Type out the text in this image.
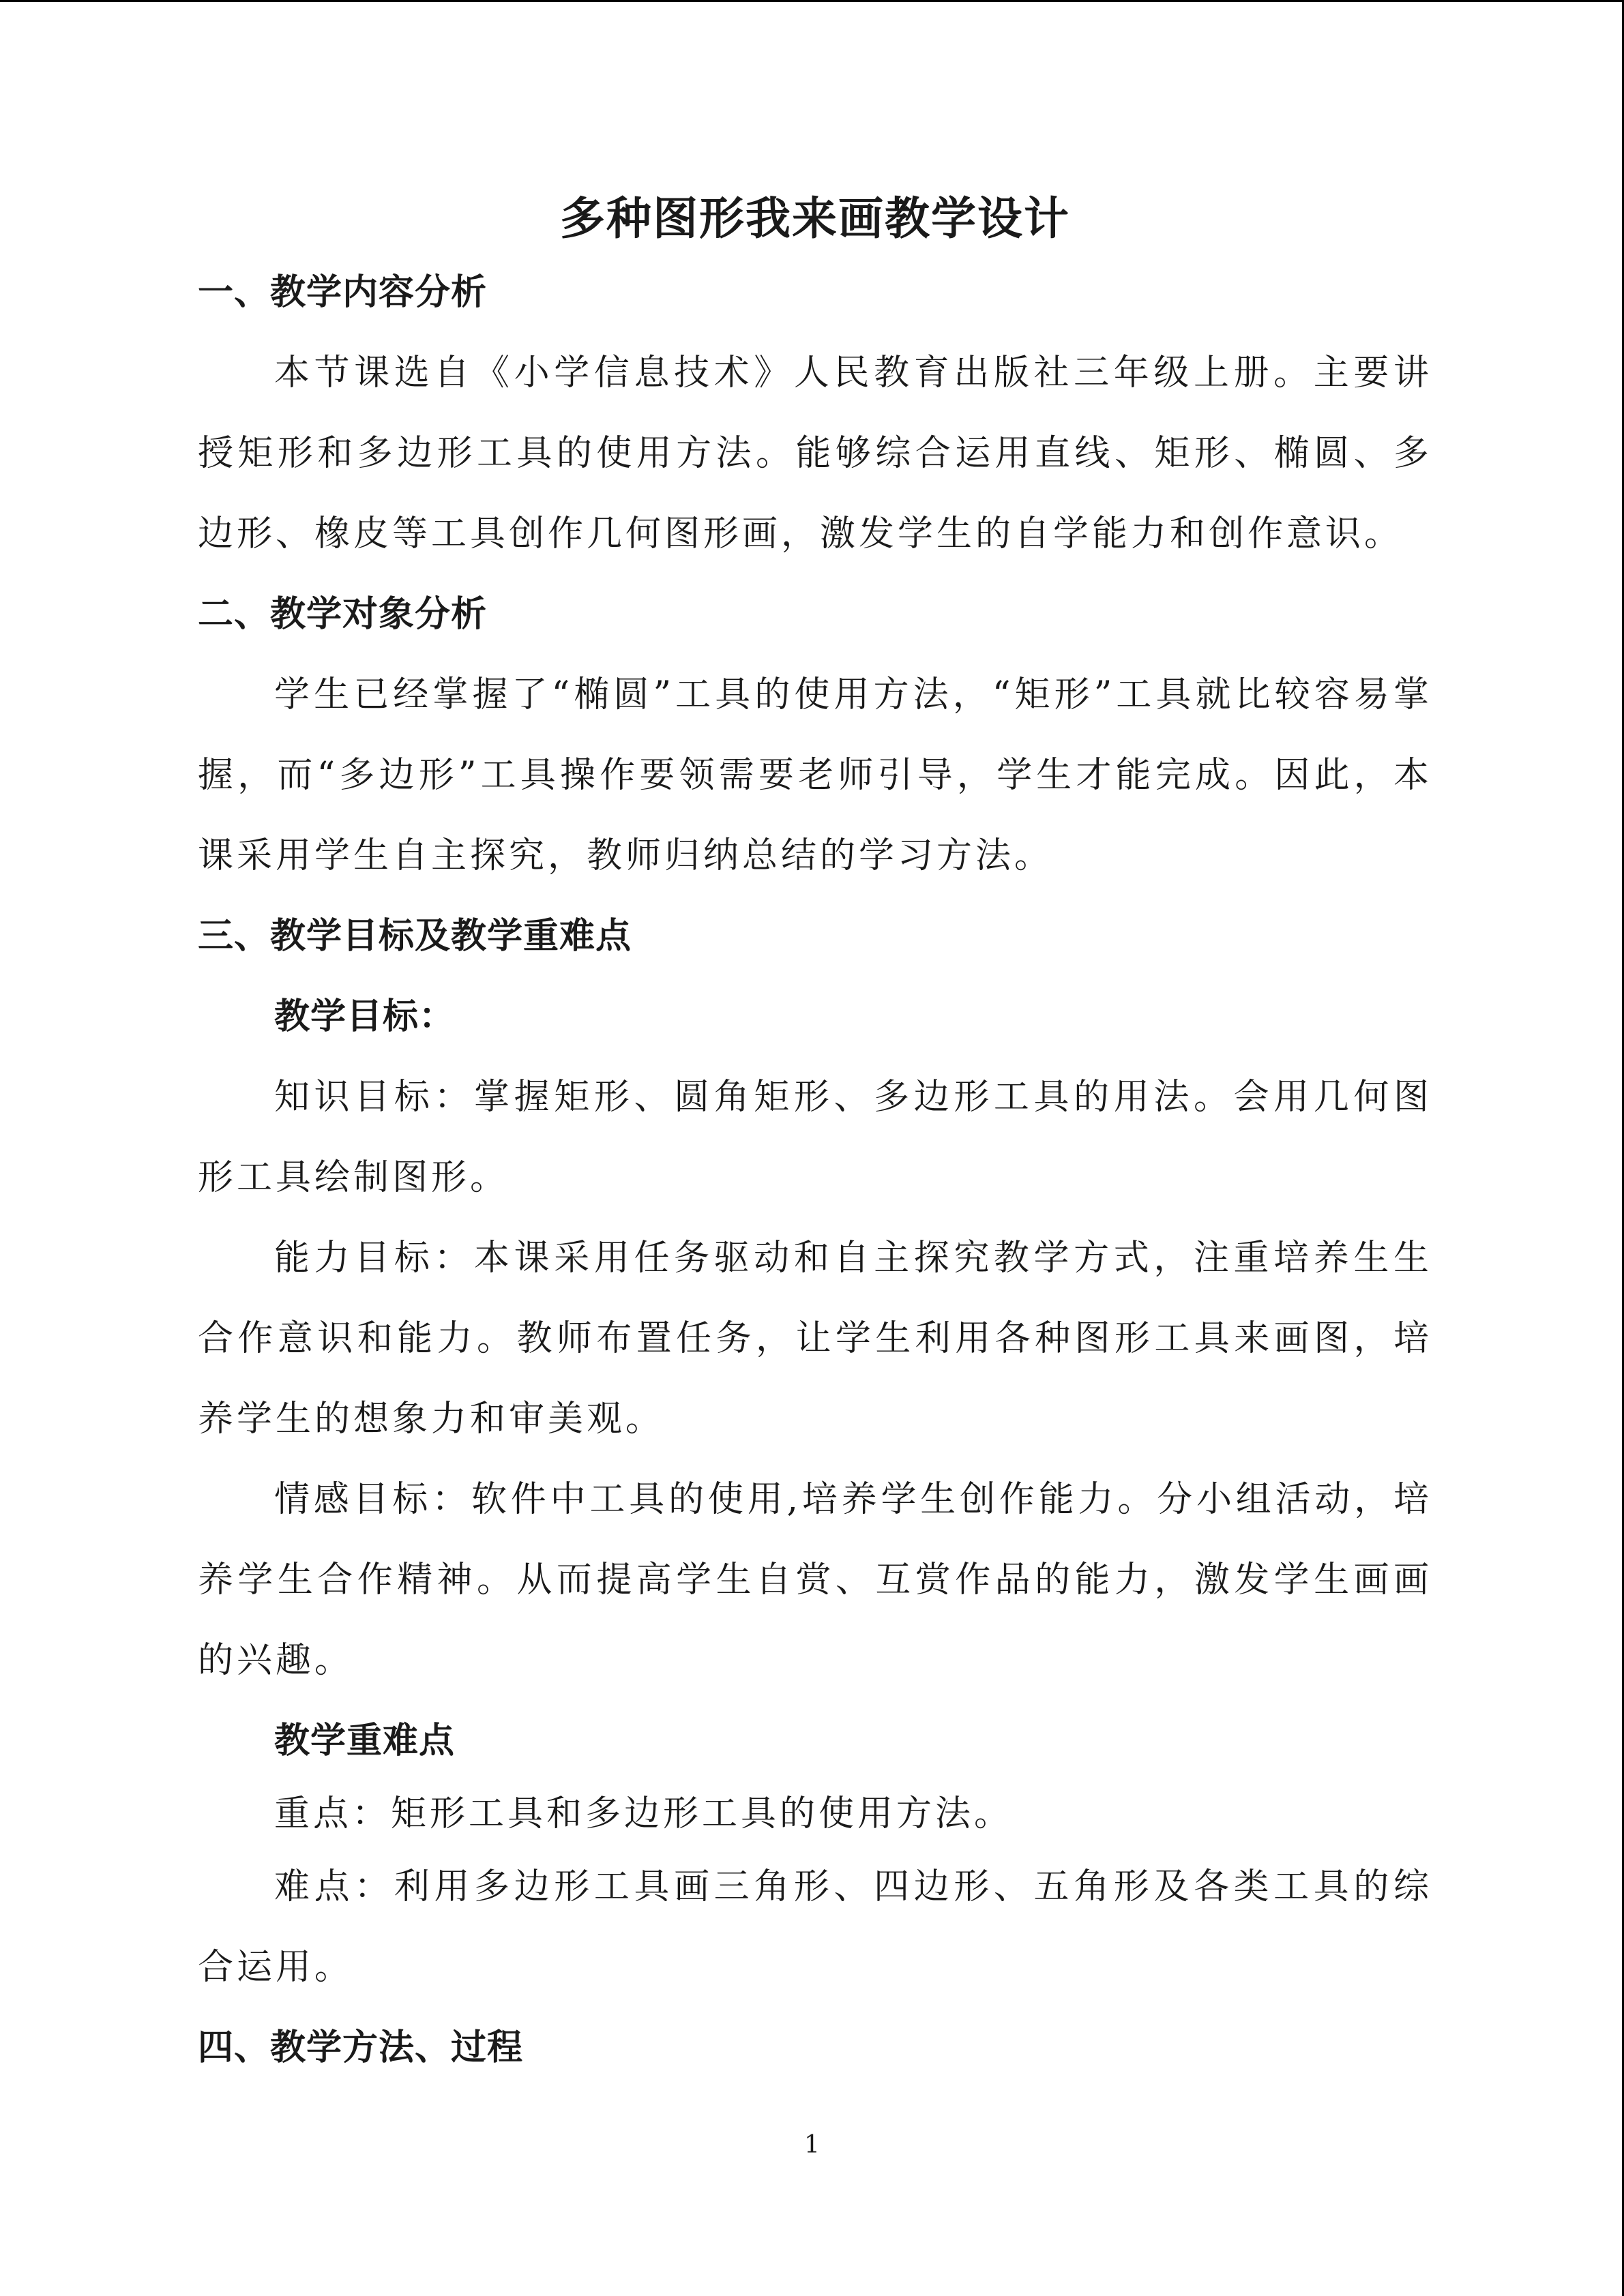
多种图形我来画教学设计
一、教学内容分析

本节课选自《小学信息技术》人民教育出版社三年级上册。主要讲授矩形和多边形工具的使用方法。能够综合运用直线、矩形、椭圆、多边形、橡皮等工具创作几何图形画，激发学生的自学能力和创作意识。

二、教学对象分析

学生已经掌握了“椭圆”工具的使用方法，“矩形”工具就比较容易掌握，而“多边形”工具操作要领需要老师引导，学生才能完成。因此，本课采用学生自主探究，教师归纳总结的学习方法。

三、教学目标及教学重难点
教学目标：

知识目标：掌握矩形、圆角矩形、多边形工具的用法。会用几何图形工具绘制图形。

能力目标：本课采用任务驱动和自主探究教学方式，注重培养生生合作意识和能力。教师布置任务，让学生利用各种图形工具来画图，培养学生的想象力和审美观。

情感目标：软件中工具的使用,培养学生创作能力。分小组活动，培养学生合作精神。从而提高学生自赏、互赏作品的能力，激发学生画画的兴趣。

教学重难点

重点：矩形工具和多边形工具的使用方法。

难点：利用多边形工具画三角形、四边形、五角形及各类工具的综合运用。

四、教学方法、过程
1
